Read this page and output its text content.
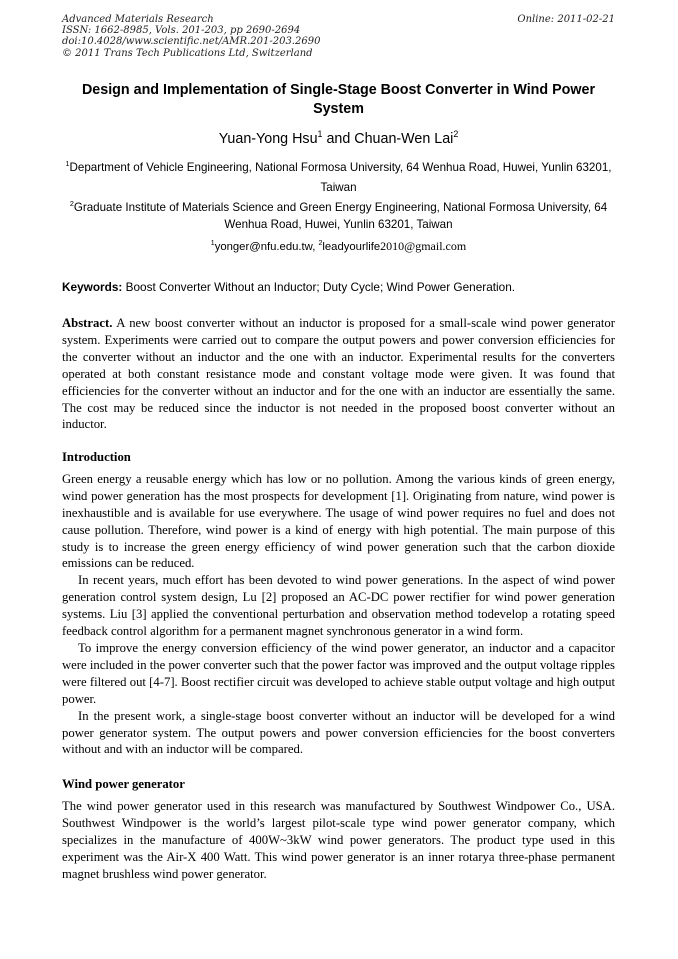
Advanced Materials Research
ISSN: 1662-8985, Vols. 201-203, pp 2690-2694
doi:10.4028/www.scientific.net/AMR.201-203.2690
© 2011 Trans Tech Publications Ltd, Switzerland
Online: 2011-02-21
Design and Implementation of Single-Stage Boost Converter in Wind Power System
Yuan-Yong Hsu$^1$ and Chuan-Wen Lai$^2$
$^1$Department of Vehicle Engineering, National Formosa University, 64 Wenhua Road, Huwei, Yunlin 63201, Taiwan
$^2$Graduate Institute of Materials Science and Green Energy Engineering, National Formosa University, 64 Wenhua Road, Huwei, Yunlin 63201, Taiwan
$^1$yonger@nfu.edu.tw, $^2$leadyourlife2010@gmail.com
Keywords: Boost Converter Without an Inductor; Duty Cycle; Wind Power Generation.

Abstract. A new boost converter without an inductor is proposed for a small-scale wind power generator system. Experiments were carried out to compare the output powers and power conversion efficiencies for the converter without an inductor and the one with an inductor. Experimental results for the converters operated at both constant resistance mode and constant voltage mode were given. It was found that efficiencies for the converter without an inductor and for the one with an inductor are essentially the same. The cost may be reduced since the inductor is not needed in the proposed boost converter without an inductor.

Introduction

Green energy a reusable energy which has low or no pollution. Among the various kinds of green energy, wind power generation has the most prospects for development [1]. Originating from nature, wind power is inexhaustible and is available for use everywhere. The usage of wind power requires no fuel and does not cause pollution. Therefore, wind power is a kind of energy with high potential. The main purpose of this study is to increase the green energy efficiency of wind power generation such that the carbon dioxide emissions can be reduced.

In recent years, much effort has been devoted to wind power generations. In the aspect of wind power generation control system design, Lu [2] proposed an AC-DC power rectifier for wind power generation systems. Liu [3] applied the conventional perturbation and observation method todevelop a rotating speed feedback control algorithm for a permanent magnet synchronous generator in a wind form.

To improve the energy conversion efficiency of the wind power generator, an inductor and a capacitor were included in the power converter such that the power factor was improved and the output voltage ripples were filtered out [4-7]. Boost rectifier circuit was developed to achieve stable output voltage and high output power.

In the present work, a single-stage boost converter without an inductor will be developed for a wind power generator system. The output powers and power conversion efficiencies for the boost converters without and with an inductor will be compared.

Wind power generator

The wind power generator used in this research was manufactured by Southwest Windpower Co., USA. Southwest Windpower is the world’s largest pilot-scale type wind power generator company, which specializes in the manufacture of 400W~3kW wind power generators. The product type used in this experiment was the Air-X 400 Watt. This wind power generator is an inner rotarya three-phase permanent magnet brushless wind power generator.
